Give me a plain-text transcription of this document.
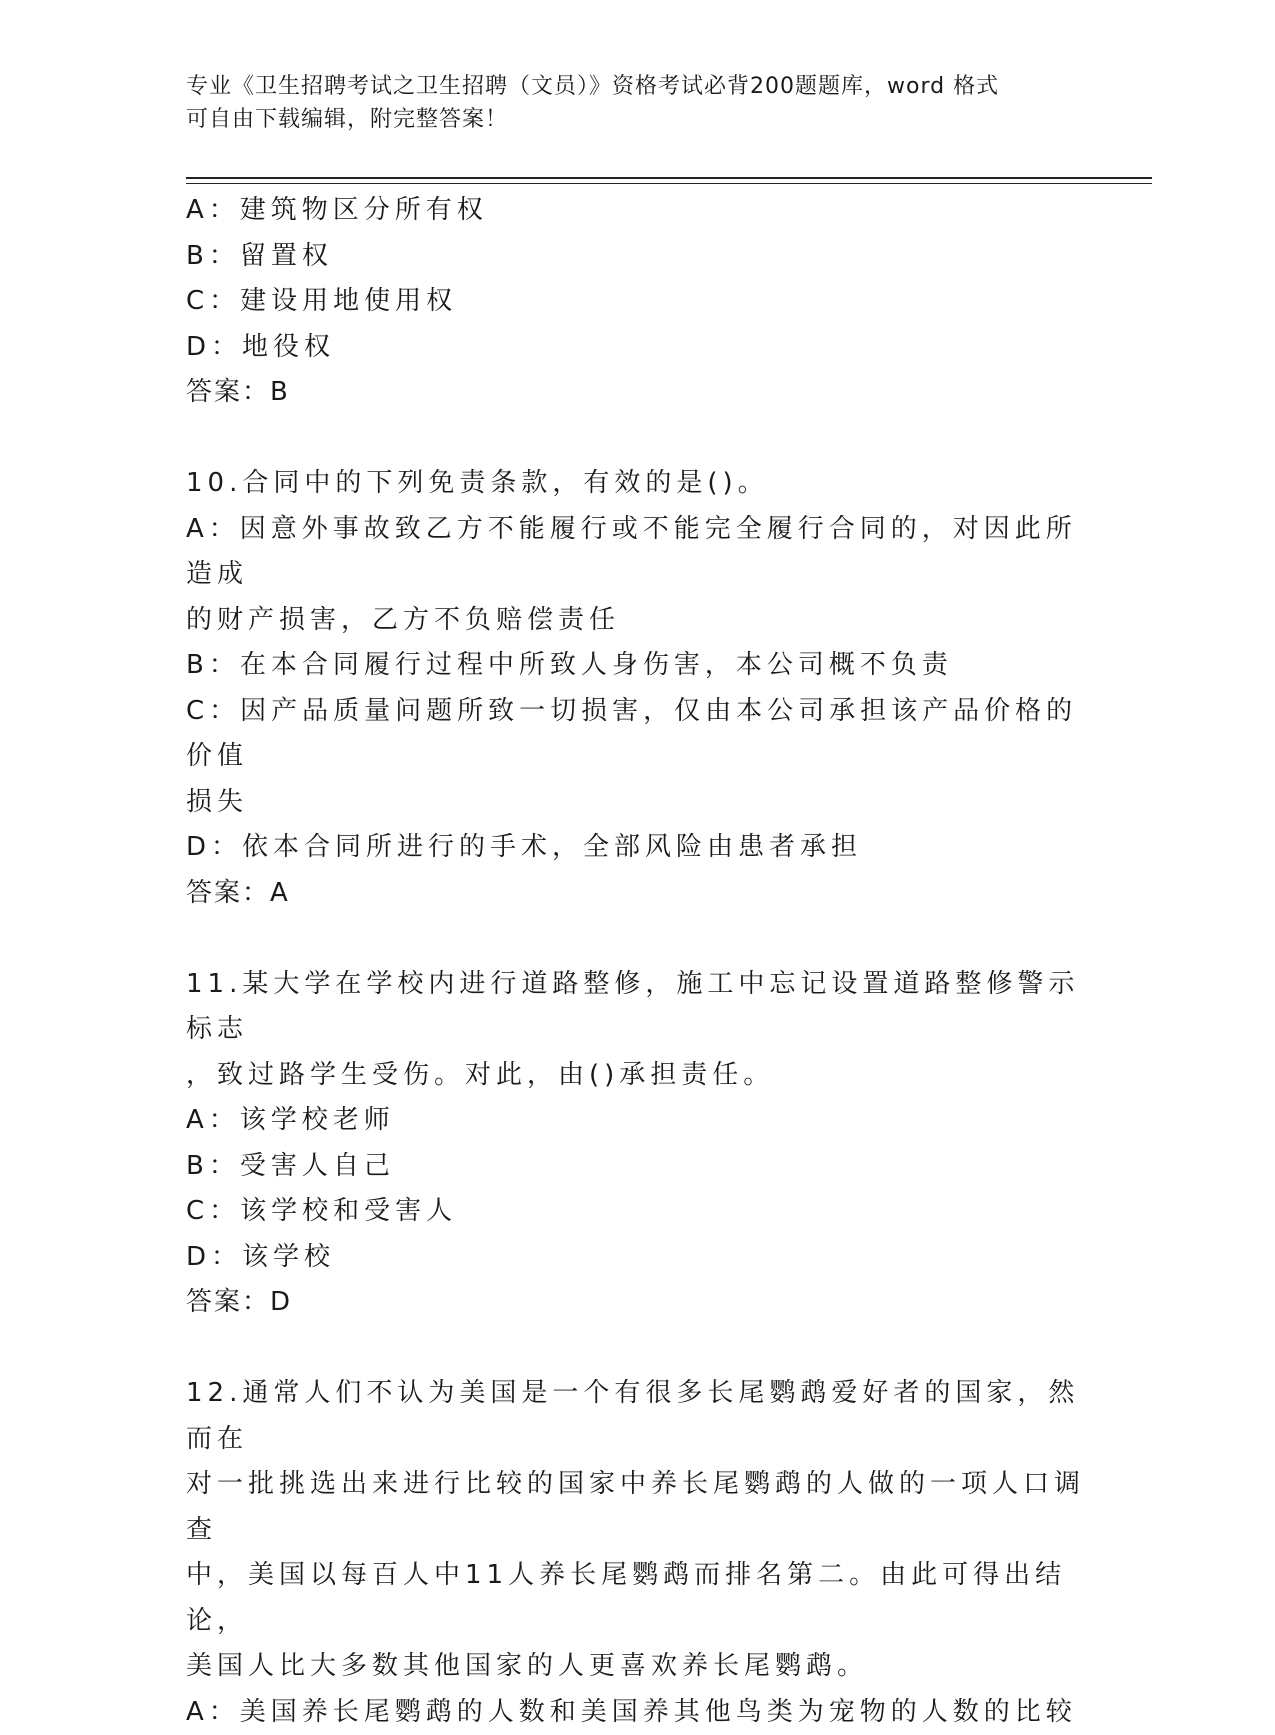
专业《卫生招聘考试之卫生招聘（文员）》资格考试必背200题题库，word 格式
可自由下载编辑，附完整答案！
A：建筑物区分所有权
B：留置权
C：建设用地使用权
D：地役权
答案：B
10.合同中的下列免责条款，有效的是()。
A：因意外事故致乙方不能履行或不能完全履行合同的，对因此所造成
的财产损害，乙方不负赔偿责任
B：在本合同履行过程中所致人身伤害，本公司概不负责
C：因产品质量问题所致一切损害，仅由本公司承担该产品价格的价值
损失
D：依本合同所进行的手术，全部风险由患者承担
答案：A
11.某大学在学校内进行道路整修，施工中忘记设置道路整修警示标志
，致过路学生受伤。对此，由()承担责任。
A：该学校老师
B：受害人自己
C：该学校和受害人
D：该学校
答案：D
12.通常人们不认为美国是一个有很多长尾鹦鹉爱好者的国家，然而在
对一批挑选出来进行比较的国家中养长尾鹦鹉的人做的一项人口调查
中，美国以每百人中11人养长尾鹦鹉而排名第二。由此可得出结论，
美国人比大多数其他国家的人更喜欢养长尾鹦鹉。
A：美国养长尾鹦鹉的人数和美国养其他鸟类为宠物的人数的比较
